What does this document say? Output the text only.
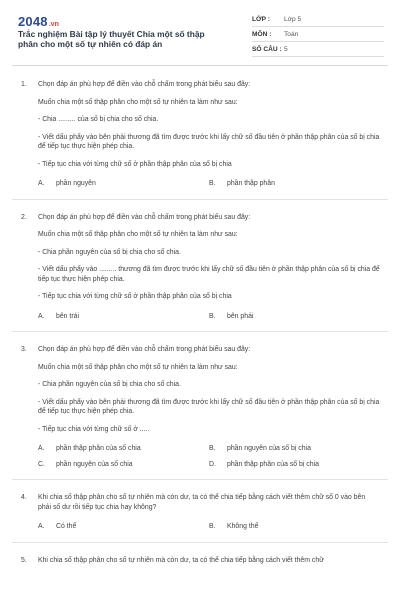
2048.vn
Trắc nghiệm Bài tập lý thuyết Chia một số thập phân cho một số tự nhiên có đáp án
LỚP :	Lớp 5
MÔN :	Toán
SỐ CÂU : 5
1. Chọn đáp án phù hợp để điền vào chỗ chấm trong phát biểu sau đây:

Muốn chia một số thập phân cho một số tự nhiên ta làm như sau:

- Chia ......... của số bị chia cho số chia.

- Viết dấu phẩy vào bên phải thương đã tìm được trước khi lấy chữ số đầu tiên ở phần thập phân của số bị chia để tiếp tục thực hiện phép chia.

- Tiếp tục chia với từng chữ số ở phần thập phân của số bị chia

A.	phần nguyên	B.	phần thập phân
2. Chọn đáp án phù hợp để điền vào chỗ chấm trong phát biểu sau đây:

Muốn chia một số thập phân cho một số tự nhiên ta làm như sau:

- Chia phần nguyên của số bị chia cho số chia.

- Viết dấu phẩy vào ......... thương đã tìm được trước khi lấy chữ số đầu tiên ở phần thập phân của số bị chia để tiếp tục thực hiện phép chia.

- Tiếp tục chia với từng chữ số ở phần thập phân của số bị chia

A.	bên trái	B.	bên phải
3. Chọn đáp án phù hợp để điền vào chỗ chấm trong phát biểu sau đây:

Muốn chia một số thập phân cho một số tự nhiên ta làm như sau:

- Chia phần nguyên của số bị chia cho số chia.

- Viết dấu phẩy vào bên phải thương đã tìm được trước khi lấy chữ số đầu tiên ở phần thập phân của số bị chia để tiếp tục thực hiện phép chia.

- Tiếp tục chia với từng chữ số ở .....

A.	phần thập phân của số chia	B.	phần nguyên của số bị chia
C.	phần nguyên của số chia	D.	phần thập phân của số bị chia
4. Khi chia số thập phân cho số tự nhiên mà còn dư, ta có thể chia tiếp bằng cách viết thêm chữ số 0 vào bên phải số dư rồi tiếp tục chia hay không?

A.	Có thể	B.	Không thể
5. Khi chia số thập phân cho số tự nhiên mà còn dư, ta có thể chia tiếp bằng cách viết thêm chữ
